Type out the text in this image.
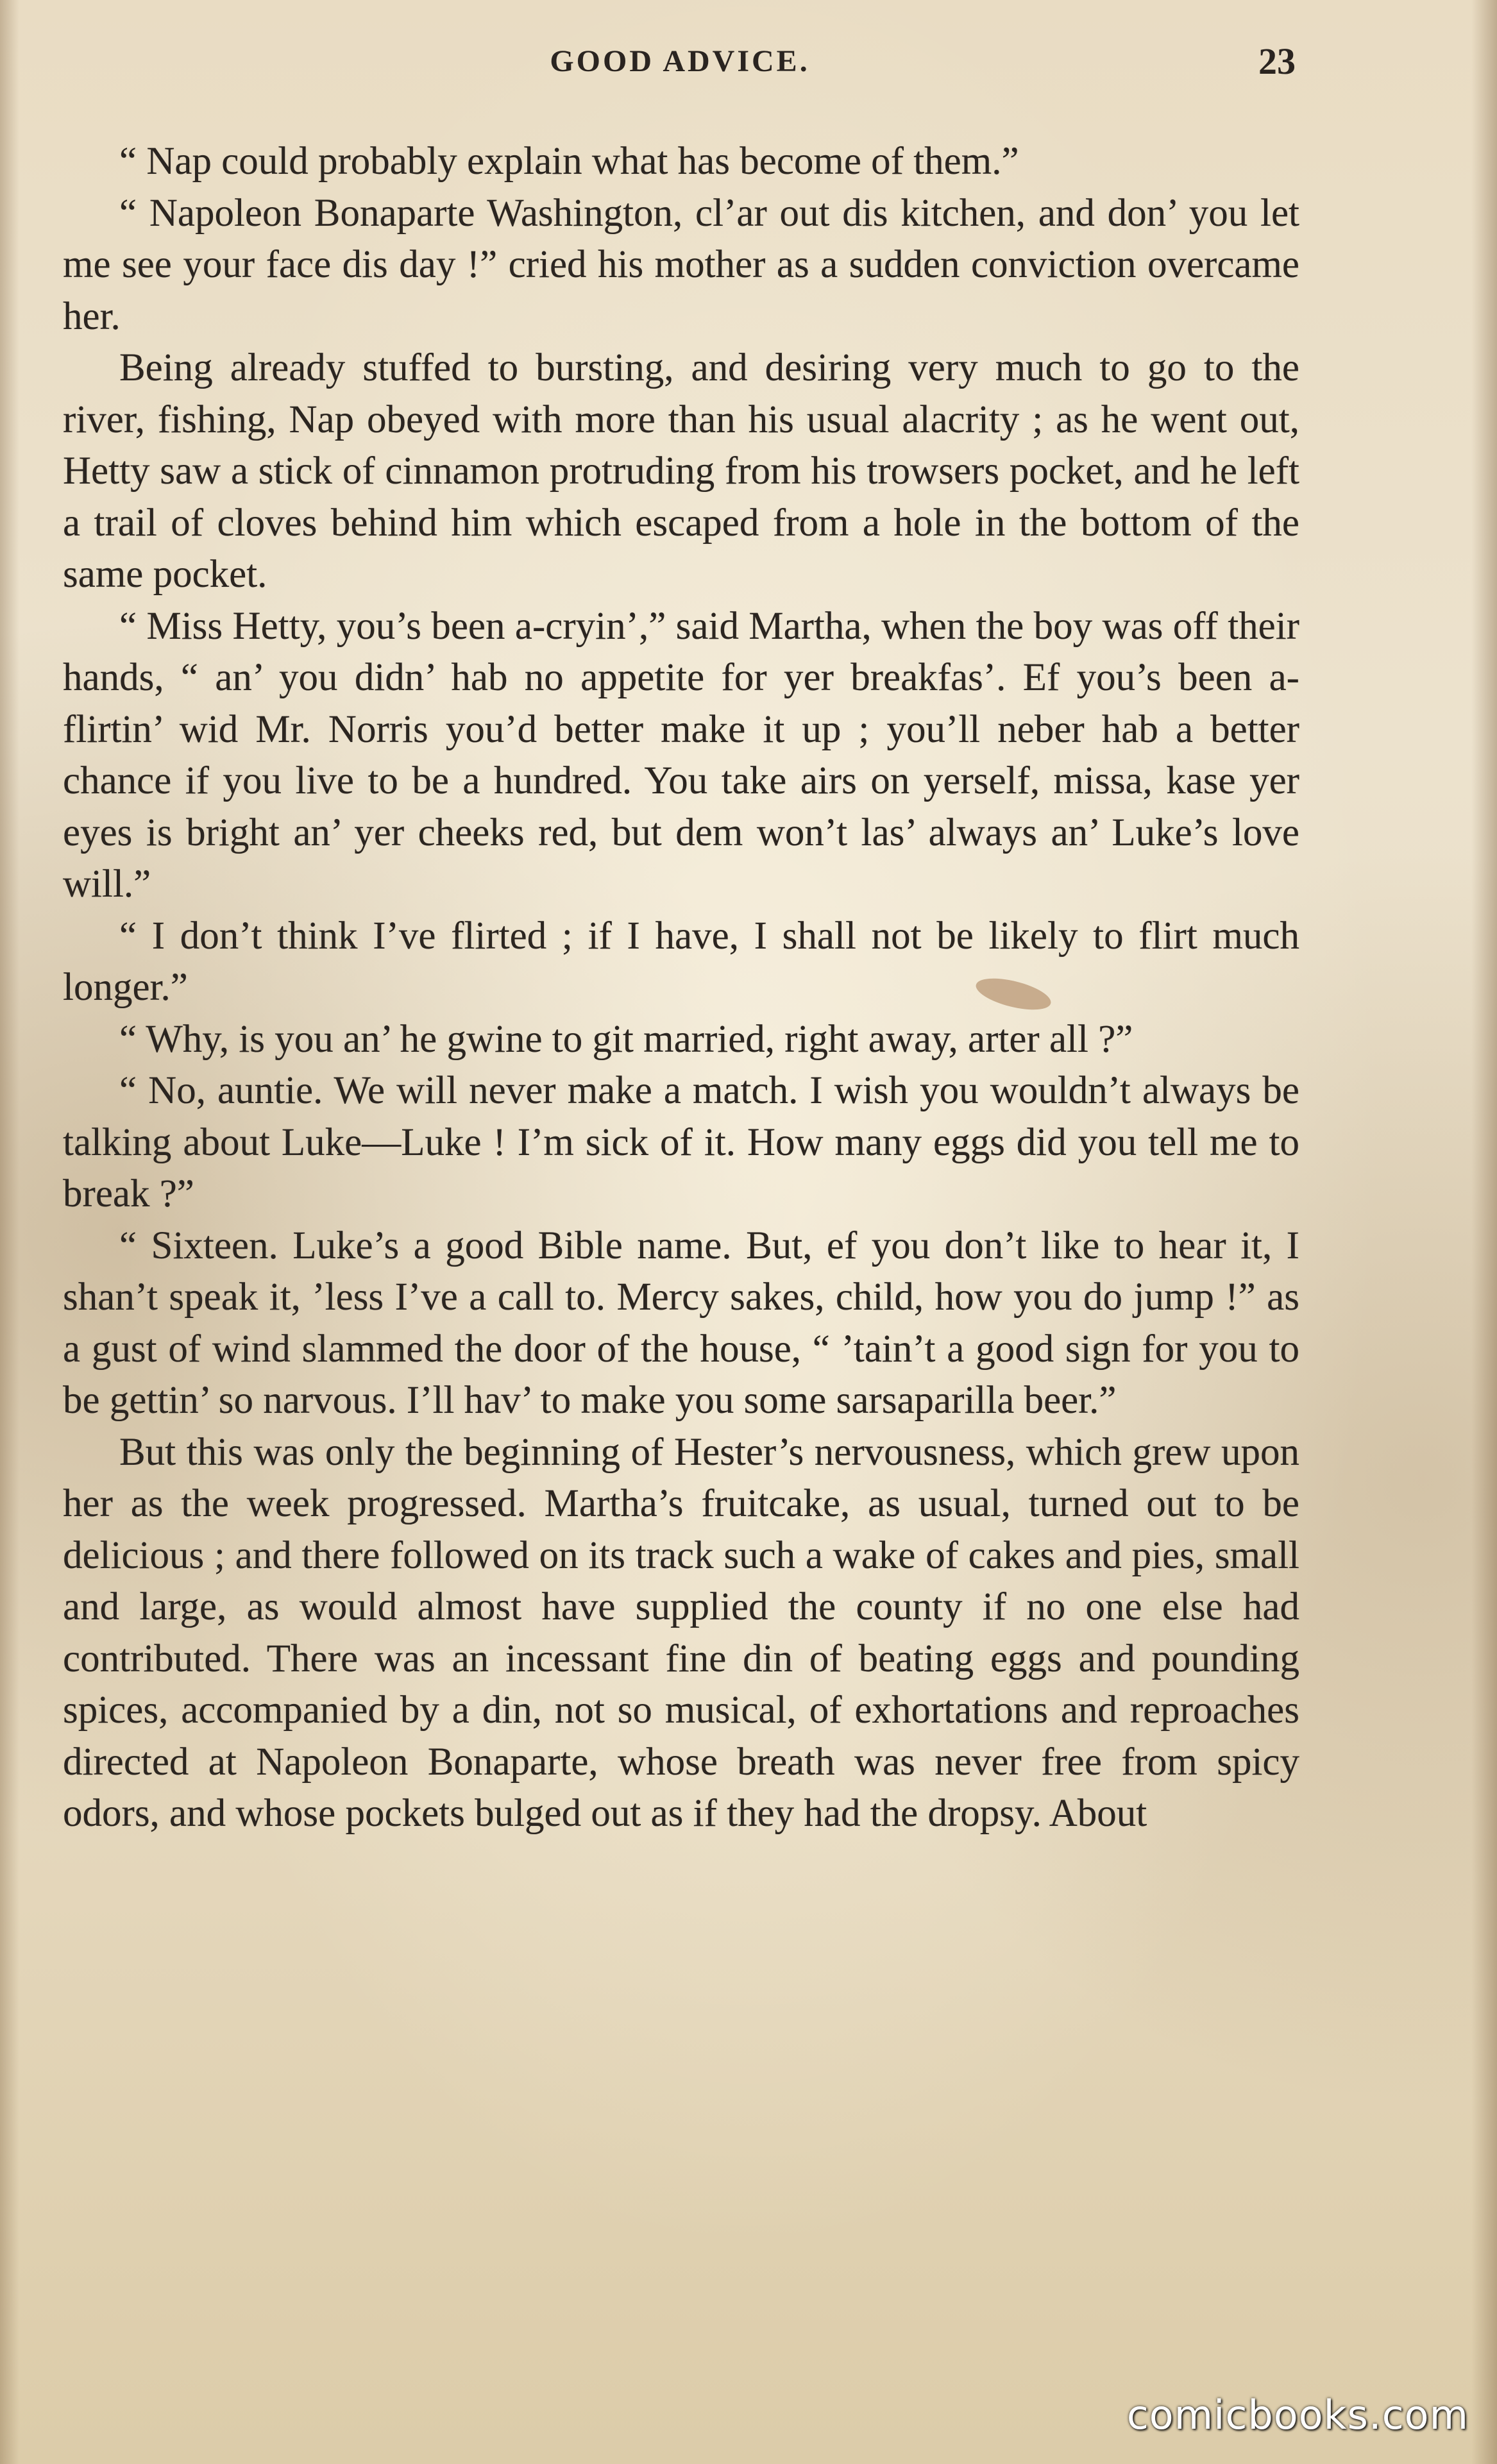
GOOD ADVICE.	23

“ Nap could probably explain what has become of them.”

“ Napoleon Bonaparte Washington, cl’ar out dis kitchen, and don’ you let me see your face dis day !” cried his mother as a sudden conviction overcame her.

Being already stuffed to bursting, and desiring very much to go to the river, fishing, Nap obeyed with more than his usual alacrity ; as he went out, Hetty saw a stick of cinnamon protruding from his trowsers pocket, and he left a trail of cloves behind him which escaped from a hole in the bottom of the same pocket.

“ Miss Hetty, you’s been a-cryin’,” said Martha, when the boy was off their hands, “ an’ you didn’ hab no appetite for yer breakfas’. Ef you’s been a-flirtin’ wid Mr. Norris you’d better make it up ; you’ll neber hab a better chance if you live to be a hundred. You take airs on yerself, missa, kase yer eyes is bright an’ yer cheeks red, but dem won’t las’ always an’ Luke’s love will.”

“ I don’t think I’ve flirted ; if I have, I shall not be likely to flirt much longer.”

“ Why, is you an’ he gwine to git married, right away, arter all ?”

“ No, auntie. We will never make a match. I wish you wouldn’t always be talking about Luke—Luke ! I’m sick of it. How many eggs did you tell me to break ?”

“ Sixteen. Luke’s a good Bible name. But, ef you don’t like to hear it, I shan’t speak it, ’less I’ve a call to. Mercy sakes, child, how you do jump !” as a gust of wind slammed the door of the house, “ ’tain’t a good sign for you to be gettin’ so narvous. I’ll hav’ to make you some sarsaparilla beer.”

But this was only the beginning of Hester’s nervousness, which grew upon her as the week progressed. Martha’s fruitcake, as usual, turned out to be delicious ; and there followed on its track such a wake of cakes and pies, small and large, as would almost have supplied the county if no one else had contributed. There was an incessant fine din of beating eggs and pounding spices, accompanied by a din, not so musical, of exhortations and reproaches directed at Napoleon Bonaparte, whose breath was never free from spicy odors, and whose pockets bulged out as if they had the dropsy. About

comicbooks.com
